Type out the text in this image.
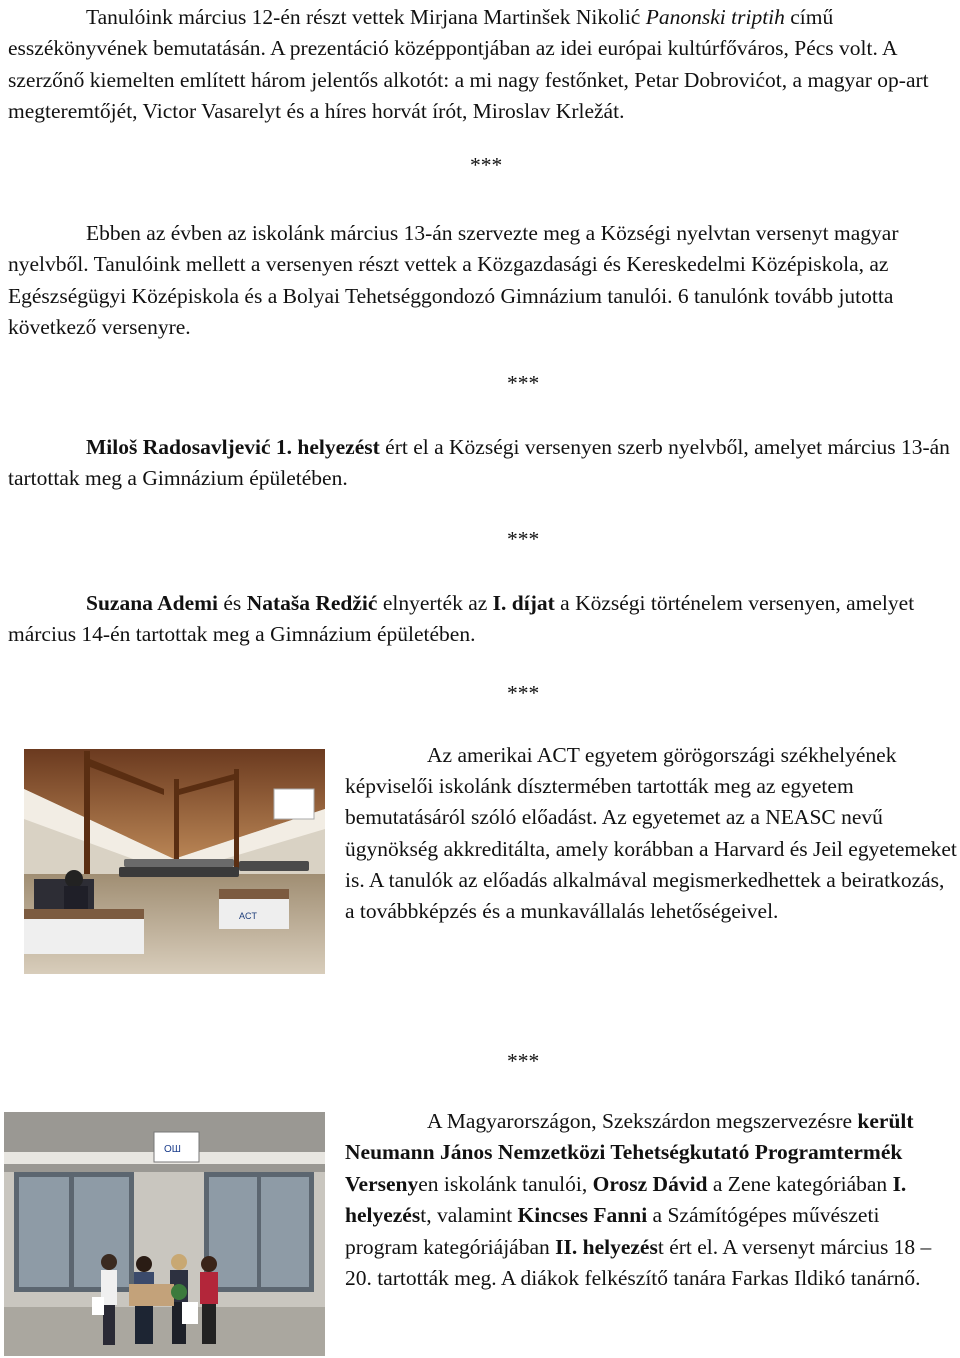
Tanulóink március 12-én részt vettek Mirjana Martinšek Nikolić Panonski triptih című esszékönyvének bemutatásán. A prezentáció középpontjában az idei európai kultúrfőváros, Pécs volt. A szerzőnő kiemelten említett három jelentős alkotót: a mi nagy festőnket, Petar Dobrovićot, a magyar op-art megteremtőjét, Victor Vasarelyt és a híres horvát írót, Miroslav Krležát.

***

Ebben az évben az iskolánk március 13-án szervezte meg a Községi nyelvtan versenyt magyar nyelvből. Tanulóink mellett a versenyen részt vettek a Közgazdasági és Kereskedelmi Középiskola, az Egészségügyi Középiskola és a Bolyai Tehetséggondozó Gimnázium tanulói. 6 tanulónk tovább jutotta következő versenyre.

***

Miloš Radosavljević 1. helyezést ért el a Községi versenyen szerb nyelvből, amelyet március 13-án tartottak meg a Gimnázium épületében.

***

Suzana Ademi és Nataša Redžić elnyerték az I. díjat a Községi történelem versenyen, amelyet március 14-én tartottak meg a Gimnázium épületében.

***

ACT

Az amerikai ACT egyetem görögországi székhelyének képviselői iskolánk dísztermében tartották meg az egyetem bemutatásáról szóló előadást. Az egyetemet az a NEASC nevű ügynökség akkreditálta, amely korábban a Harvard és Jeil egyetemeket is. A tanulók az előadás alkalmával megismerkedhettek a beiratkozás, a továbbképzés és a munkavállalás lehetőségeivel.

***

ОШ

A Magyarországon, Szekszárdon megszervezésre került Neumann János Nemzetközi Tehetségkutató Programtermék Versenyen iskolánk tanulói, Orosz Dávid a Zene kategóriában I. helyezést, valamint Kincses Fanni a Számítógépes művészeti program kategóriájában II. helyezést ért el. A versenyt március 18 – 20. tartották meg. A diákok felkészítő tanára Farkas Ildikó tanárnő.
